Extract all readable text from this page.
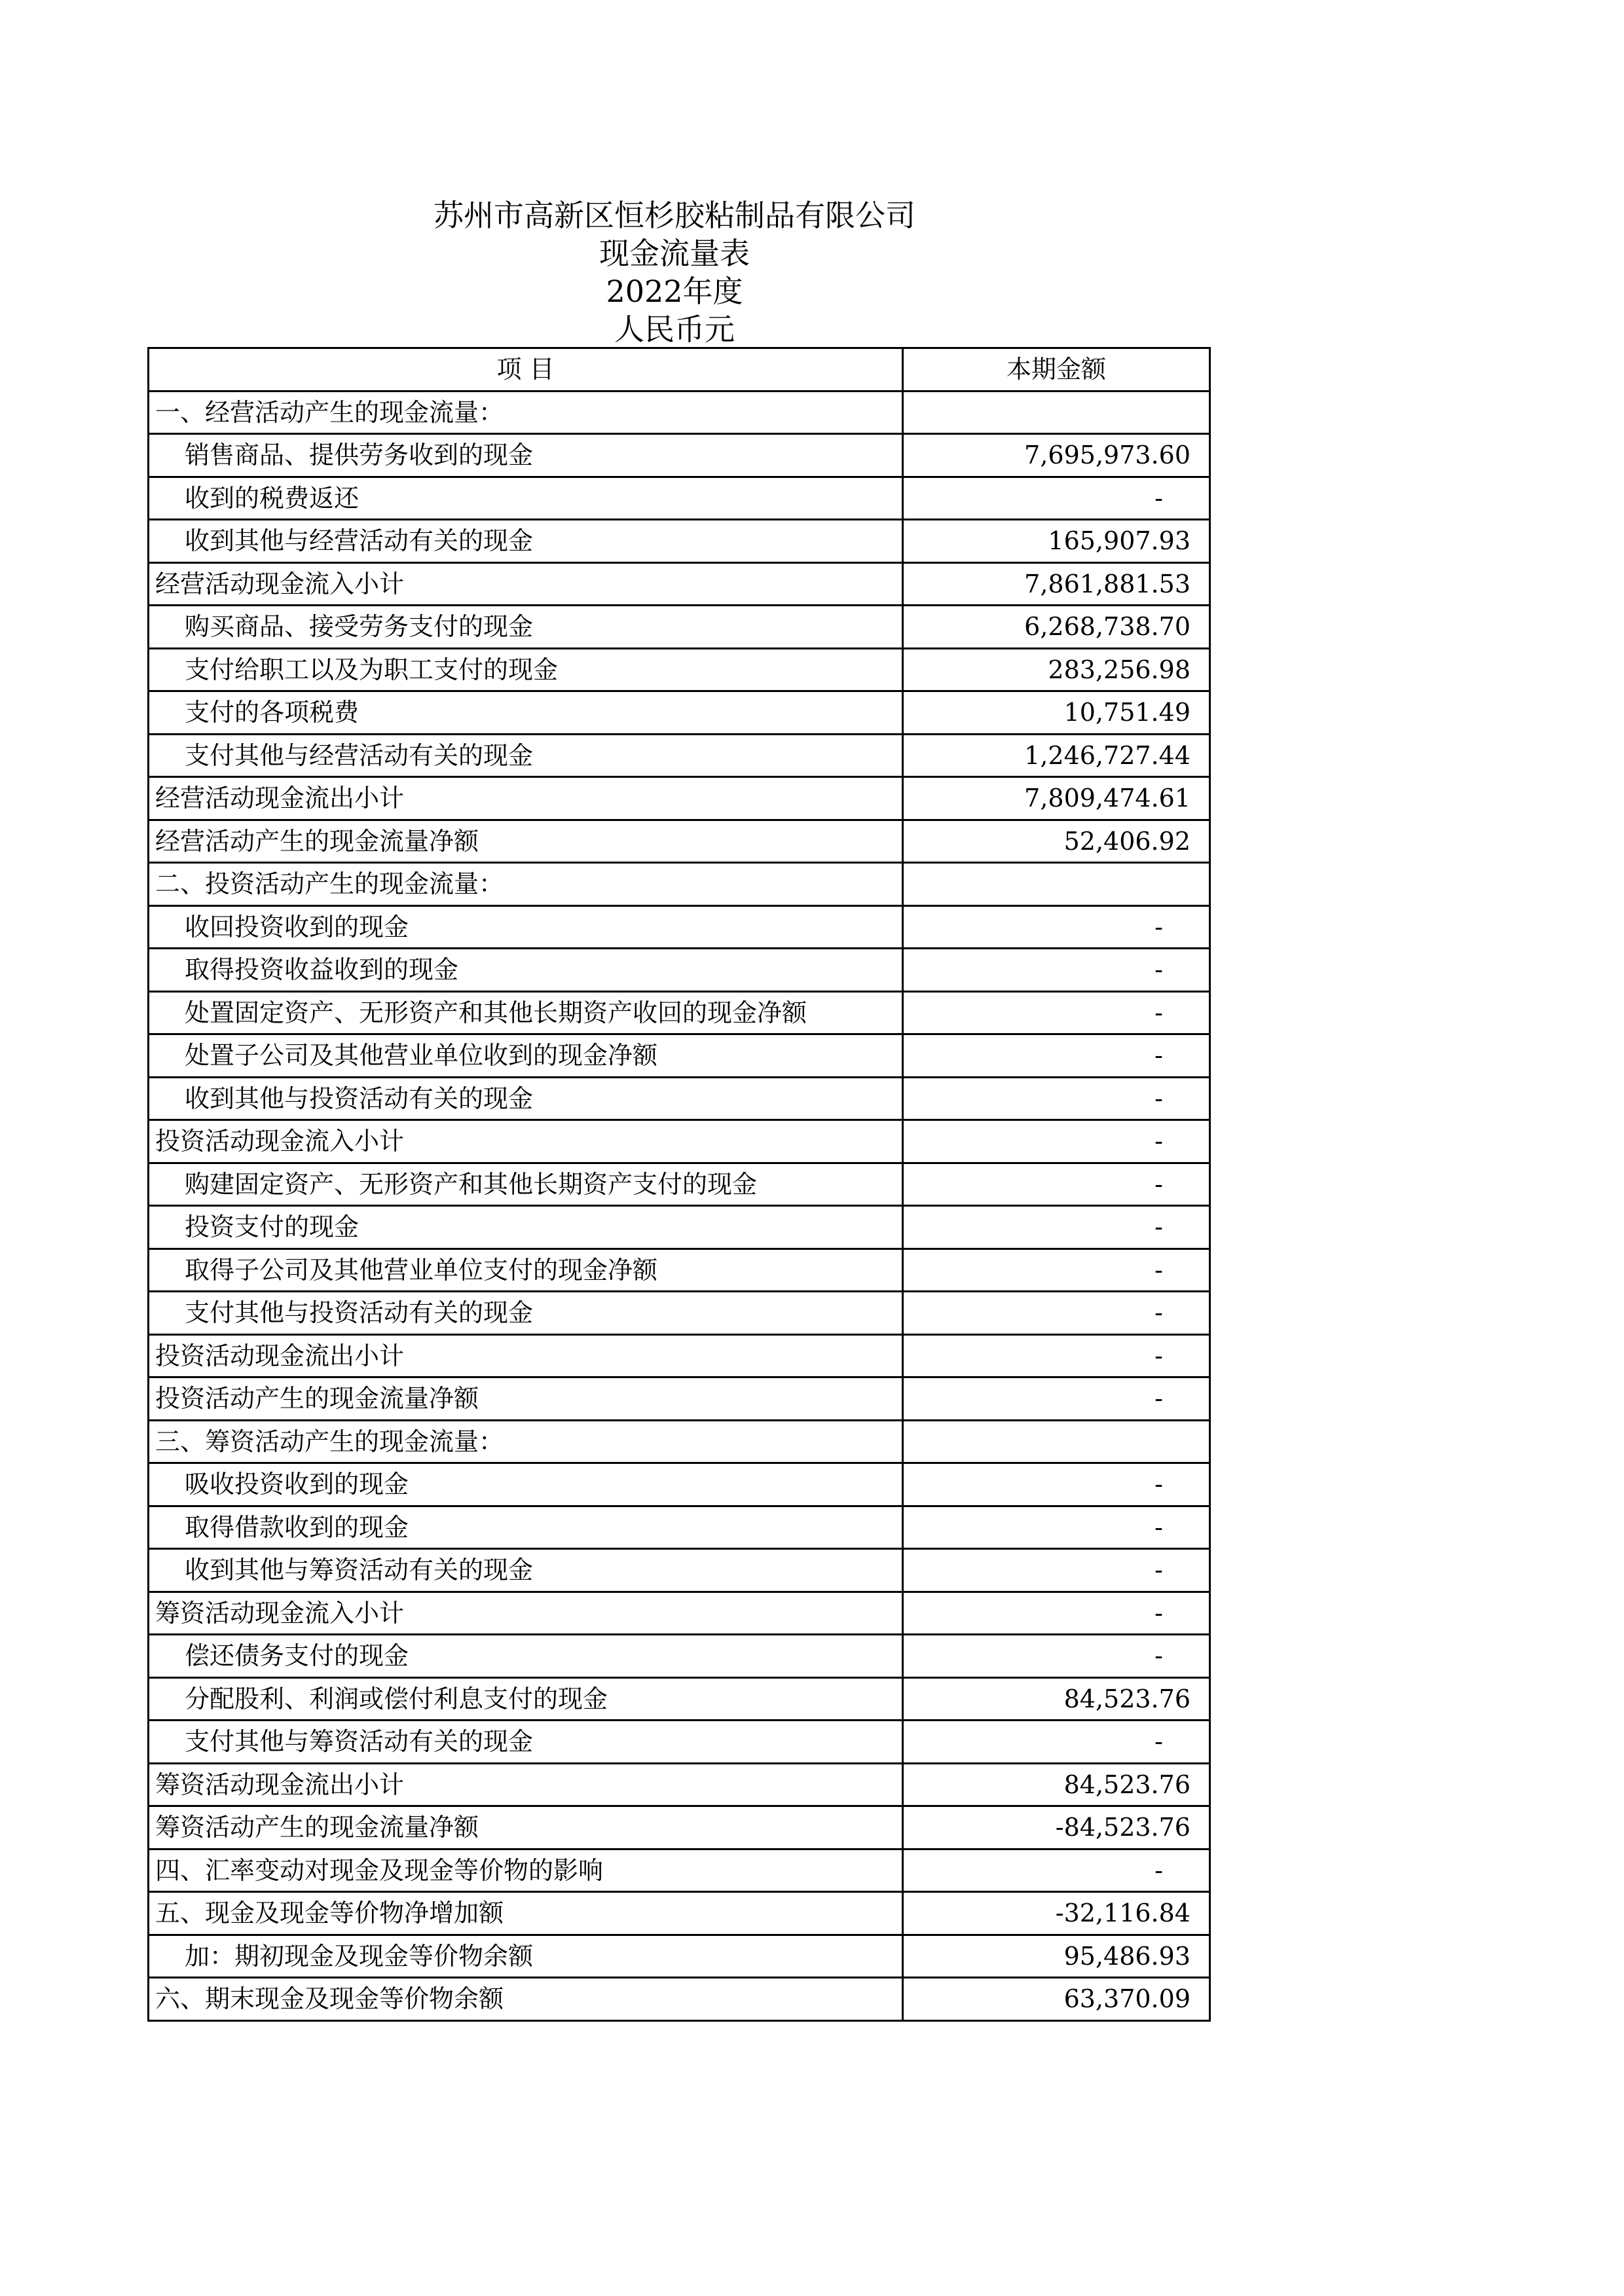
苏州市高新区恒杉胶粘制品有限公司
现金流量表
2022年度
人民币元
项 目	本期金额
一、经营活动产生的现金流量：	
销售商品、提供劳务收到的现金	7,695,973.60
收到的税费返还	-
收到其他与经营活动有关的现金	165,907.93
经营活动现金流入小计	7,861,881.53
购买商品、接受劳务支付的现金	6,268,738.70
支付给职工以及为职工支付的现金	283,256.98
支付的各项税费	10,751.49
支付其他与经营活动有关的现金	1,246,727.44
经营活动现金流出小计	7,809,474.61
经营活动产生的现金流量净额	52,406.92
二、投资活动产生的现金流量：	
收回投资收到的现金	-
取得投资收益收到的现金	-
处置固定资产、无形资产和其他长期资产收回的现金净额	-
处置子公司及其他营业单位收到的现金净额	-
收到其他与投资活动有关的现金	-
投资活动现金流入小计	-
购建固定资产、无形资产和其他长期资产支付的现金	-
投资支付的现金	-
取得子公司及其他营业单位支付的现金净额	-
支付其他与投资活动有关的现金	-
投资活动现金流出小计	-
投资活动产生的现金流量净额	-
三、筹资活动产生的现金流量：	
吸收投资收到的现金	-
取得借款收到的现金	-
收到其他与筹资活动有关的现金	-
筹资活动现金流入小计	-
偿还债务支付的现金	-
分配股利、利润或偿付利息支付的现金	84,523.76
支付其他与筹资活动有关的现金	-
筹资活动现金流出小计	84,523.76
筹资活动产生的现金流量净额	-84,523.76
四、汇率变动对现金及现金等价物的影响	-
五、现金及现金等价物净增加额	-32,116.84
加：期初现金及现金等价物余额	95,486.93
六、期末现金及现金等价物余额	63,370.09
